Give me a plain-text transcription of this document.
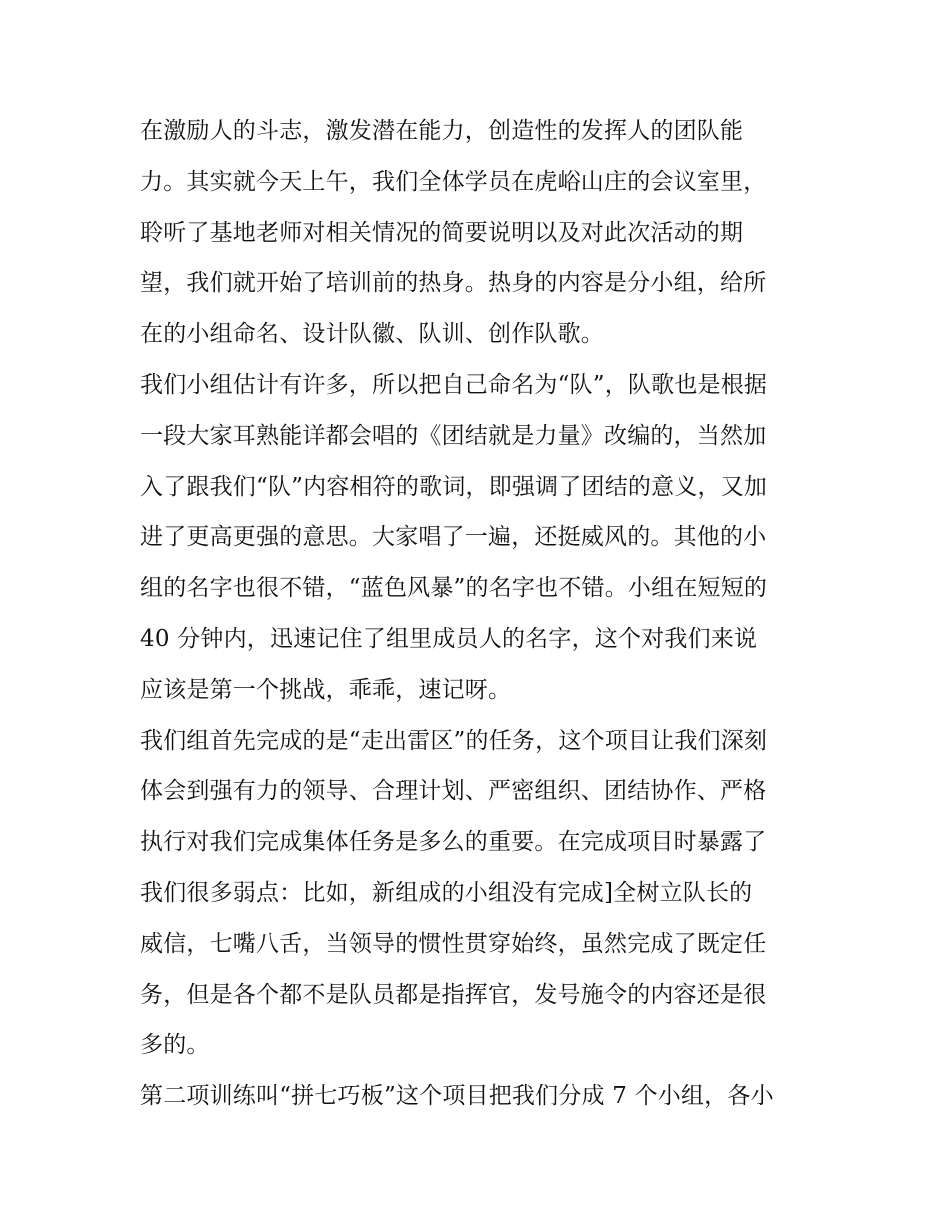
在激励人的斗志，激发潜在能力，创造性的发挥人的团队能
力。其实就今天上午，我们全体学员在虎峪山庄的会议室里，
聆听了基地老师对相关情况的简要说明以及对此次活动的期
望，我们就开始了培训前的热身。热身的内容是分小组，给所
在的小组命名、设计队徽、队训、创作队歌。
我们小组估计有许多，所以把自己命名为“队”，队歌也是根据
一段大家耳熟能详都会唱的《团结就是力量》改编的，当然加
入了跟我们“队”内容相符的歌词，即强调了团结的意义，又加
进了更高更强的意思。大家唱了一遍，还挺威风的。其他的小
组的名字也很不错，“蓝色风暴”的名字也不错。小组在短短的
40 分钟内，迅速记住了组里成员人的名字，这个对我们来说
应该是第一个挑战，乖乖，速记呀。
我们组首先完成的是“走出雷区”的任务，这个项目让我们深刻
体会到强有力的领导、合理计划、严密组织、团结协作、严格
执行对我们完成集体任务是多么的重要。在完成项目时暴露了
我们很多弱点：比如，新组成的小组没有完成]全树立队长的
威信，七嘴八舌，当领导的惯性贯穿始终，虽然完成了既定任
务，但是各个都不是队员都是指挥官，发号施令的内容还是很
多的。
第二项训练叫“拼七巧板”这个项目把我们分成 7 个小组，各小
